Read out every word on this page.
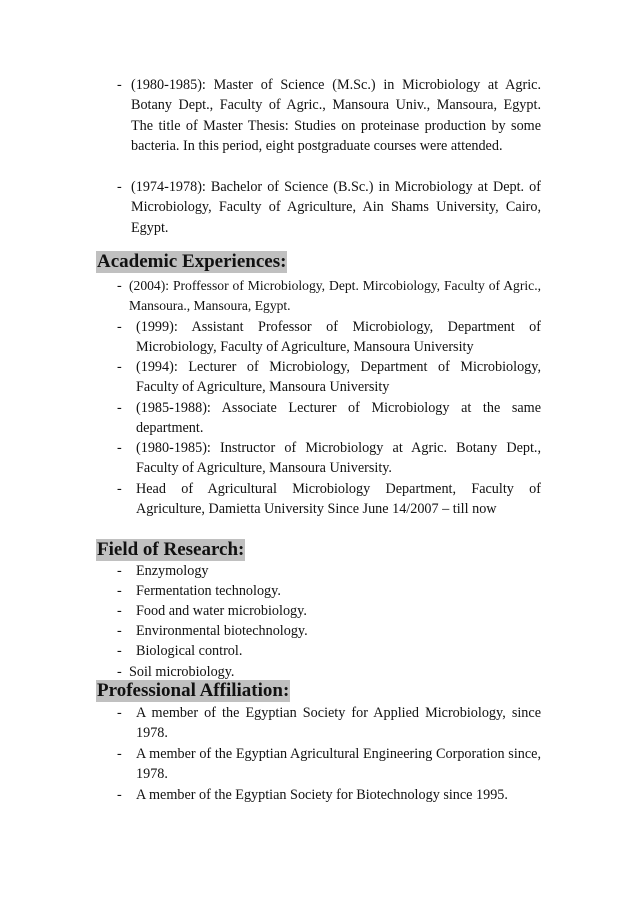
- (1980-1985): Master of Science (M.Sc.) in Microbiology at Agric. Botany Dept., Faculty of Agric., Mansoura Univ., Mansoura, Egypt. The title of Master Thesis: Studies on proteinase production by some bacteria. In this period, eight postgraduate courses were attended.
- (1974-1978): Bachelor of Science (B.Sc.) in Microbiology at Dept. of Microbiology, Faculty of Agriculture, Ain Shams University, Cairo, Egypt.
Academic Experiences:
- (2004): Proffessor of Microbiology, Dept. Mircobiology, Faculty of Agric., Mansoura., Mansoura, Egypt.
-	(1999): Assistant Professor of Microbiology, Department of Microbiology, Faculty of Agriculture, Mansoura University
-	(1994): Lecturer of Microbiology, Department of Microbiology, Faculty of Agriculture, Mansoura University
-	(1985-1988): Associate Lecturer of Microbiology at the same department.
-	(1980-1985): Instructor of Microbiology at Agric. Botany Dept., Faculty of Agriculture, Mansoura University.
-	Head of Agricultural Microbiology Department, Faculty of Agriculture, Damietta University Since June 14/2007 – till now
Field of Research:
-	Enzymology
-	Fermentation technology.
-	Food and water microbiology.
-	Environmental biotechnology.
-	Biological control.
- Soil microbiology.
Professional Affiliation:
-	A member of the Egyptian Society for Applied Microbiology, since 1978.
-	A member of the Egyptian Agricultural Engineering Corporation since, 1978.
-	A member of the Egyptian Society for Biotechnology since 1995.
